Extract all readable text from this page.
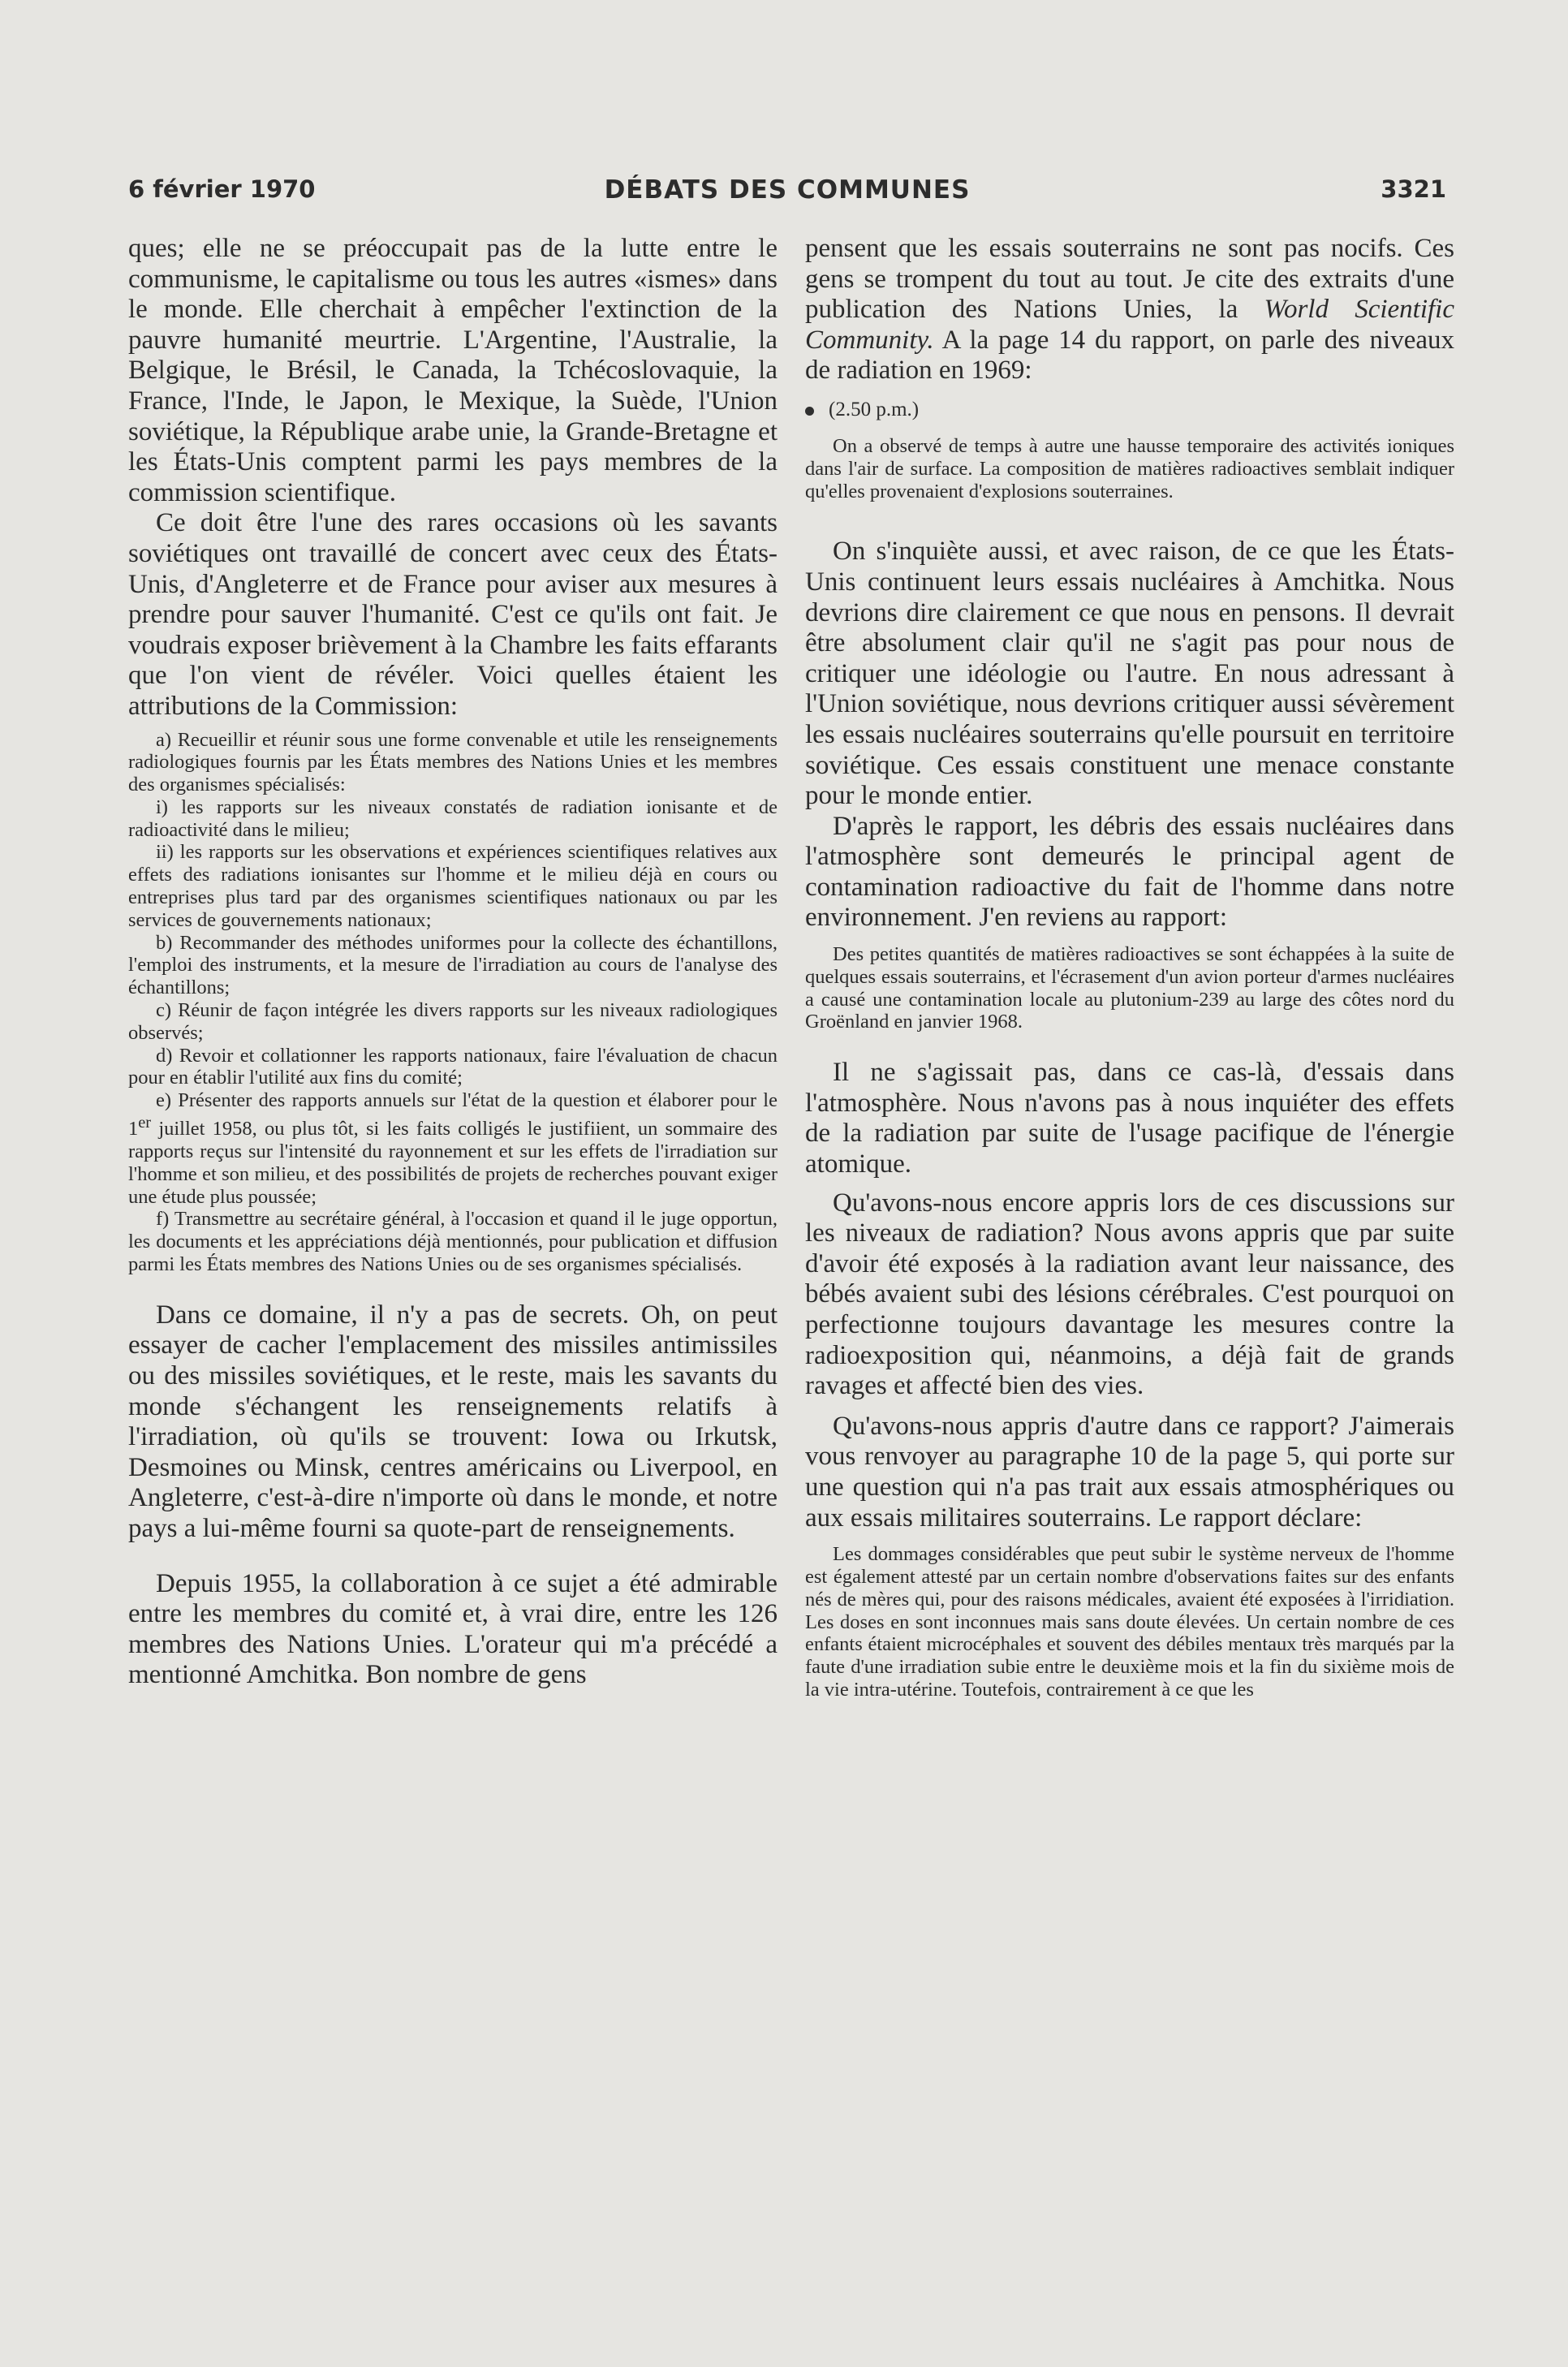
6 février 1970	DÉBATS DES COMMUNES	3321

ques; elle ne se préoccupait pas de la lutte entre le communisme, le capitalisme ou tous les autres «ismes» dans le monde. Elle cherchait à empêcher l'extinction de la pauvre humanité meurtrie. L'Argentine, l'Australie, la Belgique, le Brésil, le Canada, la Tchécoslovaquie, la France, l'Inde, le Japon, le Mexique, la Suède, l'Union soviétique, la République arabe unie, la Grande-Bretagne et les États-Unis comptent parmi les pays membres de la commission scientifique.

Ce doit être l'une des rares occasions où les savants soviétiques ont travaillé de concert avec ceux des États-Unis, d'Angleterre et de France pour aviser aux mesures à prendre pour sauver l'humanité. C'est ce qu'ils ont fait. Je voudrais exposer brièvement à la Chambre les faits effarants que l'on vient de révéler. Voici quelles étaient les attributions de la Commission:

a) Recueillir et réunir sous une forme convenable et utile les renseignements radiologiques fournis par les États membres des Nations Unies et les membres des organismes spécialisés:

i) les rapports sur les niveaux constatés de radiation ionisante et de radioactivité dans le milieu;

ii) les rapports sur les observations et expériences scientifiques relatives aux effets des radiations ionisantes sur l'homme et le milieu déjà en cours ou entreprises plus tard par des organismes scientifiques nationaux ou par les services de gouvernements nationaux;

b) Recommander des méthodes uniformes pour la collecte des échantillons, l'emploi des instruments, et la mesure de l'irradiation au cours de l'analyse des échantillons;

c) Réunir de façon intégrée les divers rapports sur les niveaux radiologiques observés;

d) Revoir et collationner les rapports nationaux, faire l'évaluation de chacun pour en établir l'utilité aux fins du comité;

e) Présenter des rapports annuels sur l'état de la question et élaborer pour le 1er juillet 1958, ou plus tôt, si les faits colligés le justifiient, un sommaire des rapports reçus sur l'intensité du rayonnement et sur les effets de l'irradiation sur l'homme et son milieu, et des possibilités de projets de recherches pouvant exiger une étude plus poussée;

f) Transmettre au secrétaire général, à l'occasion et quand il le juge opportun, les documents et les appréciations déjà mentionnés, pour publication et diffusion parmi les États membres des Nations Unies ou de ses organismes spécialisés.

Dans ce domaine, il n'y a pas de secrets. Oh, on peut essayer de cacher l'emplacement des missiles antimissiles ou des missiles soviétiques, et le reste, mais les savants du monde s'échangent les renseignements relatifs à l'irradiation, où qu'ils se trouvent: Iowa ou Irkutsk, Desmoines ou Minsk, centres américains ou Liverpool, en Angleterre, c'est-à-dire n'importe où dans le monde, et notre pays a lui-même fourni sa quote-part de renseignements.

Depuis 1955, la collaboration à ce sujet a été admirable entre les membres du comité et, à vrai dire, entre les 126 membres des Nations Unies. L'orateur qui m'a précédé a mentionné Amchitka. Bon nombre de gens

pensent que les essais souterrains ne sont pas nocifs. Ces gens se trompent du tout au tout. Je cite des extraits d'une publication des Nations Unies, la World Scientific Community. A la page 14 du rapport, on parle des niveaux de radiation en 1969:

(2.50 p.m.)

On a observé de temps à autre une hausse temporaire des activités ioniques dans l'air de surface. La composition de matières radioactives semblait indiquer qu'elles provenaient d'explosions souterraines.

On s'inquiète aussi, et avec raison, de ce que les États-Unis continuent leurs essais nucléaires à Amchitka. Nous devrions dire clairement ce que nous en pensons. Il devrait être absolument clair qu'il ne s'agit pas pour nous de critiquer une idéologie ou l'autre. En nous adressant à l'Union soviétique, nous devrions critiquer aussi sévèrement les essais nucléaires souterrains qu'elle poursuit en territoire soviétique. Ces essais constituent une menace constante pour le monde entier.

D'après le rapport, les débris des essais nucléaires dans l'atmosphère sont demeurés le principal agent de contamination radioactive du fait de l'homme dans notre environnement. J'en reviens au rapport:

Des petites quantités de matières radioactives se sont échappées à la suite de quelques essais souterrains, et l'écrasement d'un avion porteur d'armes nucléaires a causé une contamination locale au plutonium-239 au large des côtes nord du Groënland en janvier 1968.

Il ne s'agissait pas, dans ce cas-là, d'essais dans l'atmosphère. Nous n'avons pas à nous inquiéter des effets de la radiation par suite de l'usage pacifique de l'énergie atomique.

Qu'avons-nous encore appris lors de ces discussions sur les niveaux de radiation? Nous avons appris que par suite d'avoir été exposés à la radiation avant leur naissance, des bébés avaient subi des lésions cérébrales. C'est pourquoi on perfectionne toujours davantage les mesures contre la radioexposition qui, néanmoins, a déjà fait de grands ravages et affecté bien des vies.

Qu'avons-nous appris d'autre dans ce rapport? J'aimerais vous renvoyer au paragraphe 10 de la page 5, qui porte sur une question qui n'a pas trait aux essais atmosphériques ou aux essais militaires souterrains. Le rapport déclare:

Les dommages considérables que peut subir le système nerveux de l'homme est également attesté par un certain nombre d'observations faites sur des enfants nés de mères qui, pour des raisons médicales, avaient été exposées à l'irridiation. Les doses en sont inconnues mais sans doute élevées. Un certain nombre de ces enfants étaient microcéphales et souvent des débiles mentaux très marqués par la faute d'une irradiation subie entre le deuxième mois et la fin du sixième mois de la vie intra-utérine. Toutefois, contrairement à ce que les
